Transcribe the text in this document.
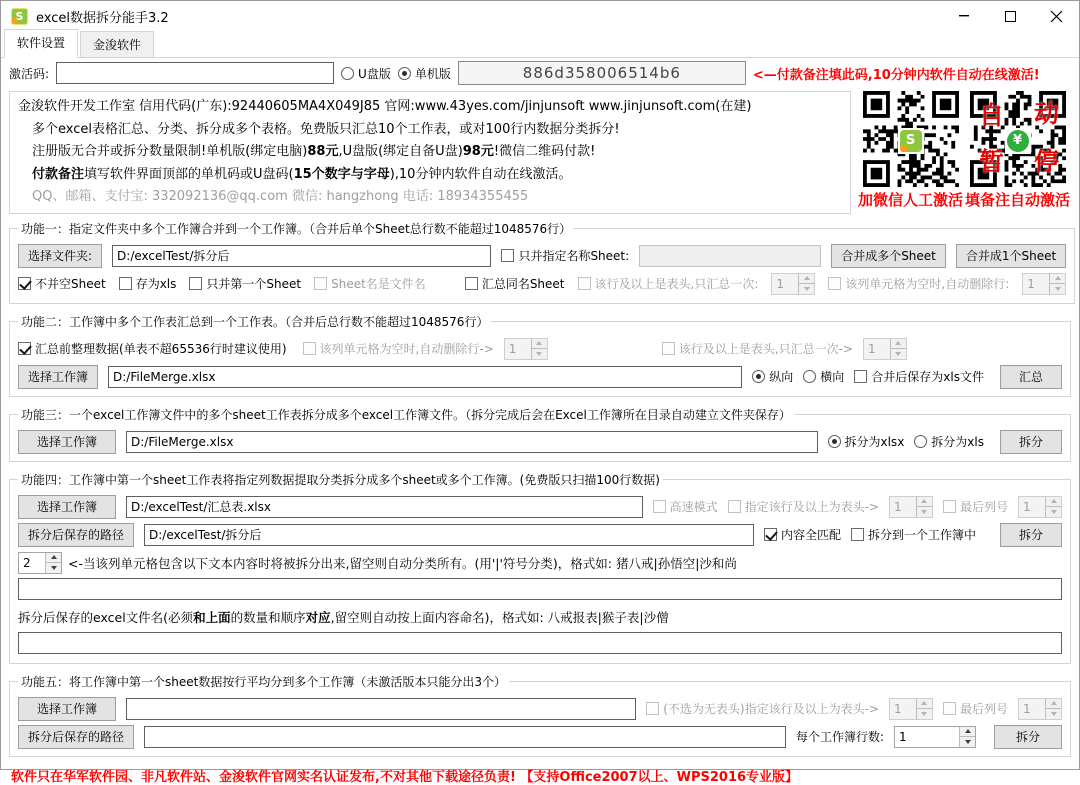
S
excel数据拆分能手3.2
软件设置	金浚软件
激活码:	U盘版 单机版	886d358006514b6	<—付款备注填此码,10分钟内软件自动在线激活!
金浚软件开发工作室 信用代码(广东):92440605MA4X049J85 官网:www.43yes.com/jinjunsoft www.jinjunsoft.com(在建)
多个excel表格汇总、分类、拆分成多个表格。免费版只汇总10个工作表，或对100行内数据分类拆分!
注册版无合并或拆分数量限制!单机版(绑定电脑)88元,U盘版(绑定自备U盘)98元!微信二维码付款!
付款备注填写软件界面顶部的单机码或U盘码(15个数字与字母),10分钟内软件自动在线激活。
QQ、邮箱、支付宝: 332092136@qq.com 微信: hangzhong 电话: 18934355455
S	加微信人工激活
¥
自 动
暂 停
填备注自动激活
功能一：指定文件夹中多个工作簿合并到一个工作簿。（合并后单个Sheet总行数不能超过1048576行）
选择文件夹:
D:/excelTest/拆分后	只并指定名称Sheet:	合并成多个Sheet	合并成1个Sheet
不并空Sheet	存为xls	只并第一个Sheet	Sheet名是文件名	汇总同名Sheet	该行及以上是表头,只汇总一次:	1	该列单元格为空时,自动删除行:	1
功能二：工作簿中多个工作表汇总到一个工作表。（合并后总行数不能超过1048576行）
汇总前整理数据(单表不超65536行时建议使用)	该列单元格为空时,自动删除行->	1	该行及以上是表头,只汇总一次->	1
选择工作簿
D:/FileMerge.xlsx	纵向 横向 合并后保存为xls文件	汇总
功能三：一个excel工作簿文件中的多个sheet工作表拆分成多个excel工作簿文件。（拆分完成后会在Excel工作簿所在目录自动建立文件夹保存）
选择工作簿
D:/FileMerge.xlsx	拆分为xlsx 拆分为xls	拆分
功能四：工作簿中第一个sheet工作表将指定列数据提取分类拆分成多个sheet或多个工作簿。(免费版只扫描100行数据)
选择工作簿
D:/excelTest/汇总表.xlsx	高速模式 指定该行及以上为表头->	1	最后列号	1
拆分后保存的路径
D:/excelTest/拆分后	内容全匹配 拆分到一个工作簿中	拆分
2	<-当该列单元格包含以下文本内容时将被拆分出来,留空则自动分类所有。(用'|'符号分类)，格式如: 猪八戒|孙悟空|沙和尚
拆分后保存的excel文件名(必须和上面的数量和顺序对应,留空则自动按上面内容命名)，格式如: 八戒报表|猴子表|沙僧
功能五：将工作簿中第一个sheet数据按行平均分到多个工作簿（未激活版本只能分出3个）
选择工作簿	(不选为无表头)指定该行及以上为表头->	1	最后列号	1
拆分后保存的路径	每个工作簿行数:	1	拆分
软件只在华军软件园、非凡软件站、金浚软件官网实名认证发布,不对其他下载途径负责! 【支持Office2007以上、WPS2016专业版】
